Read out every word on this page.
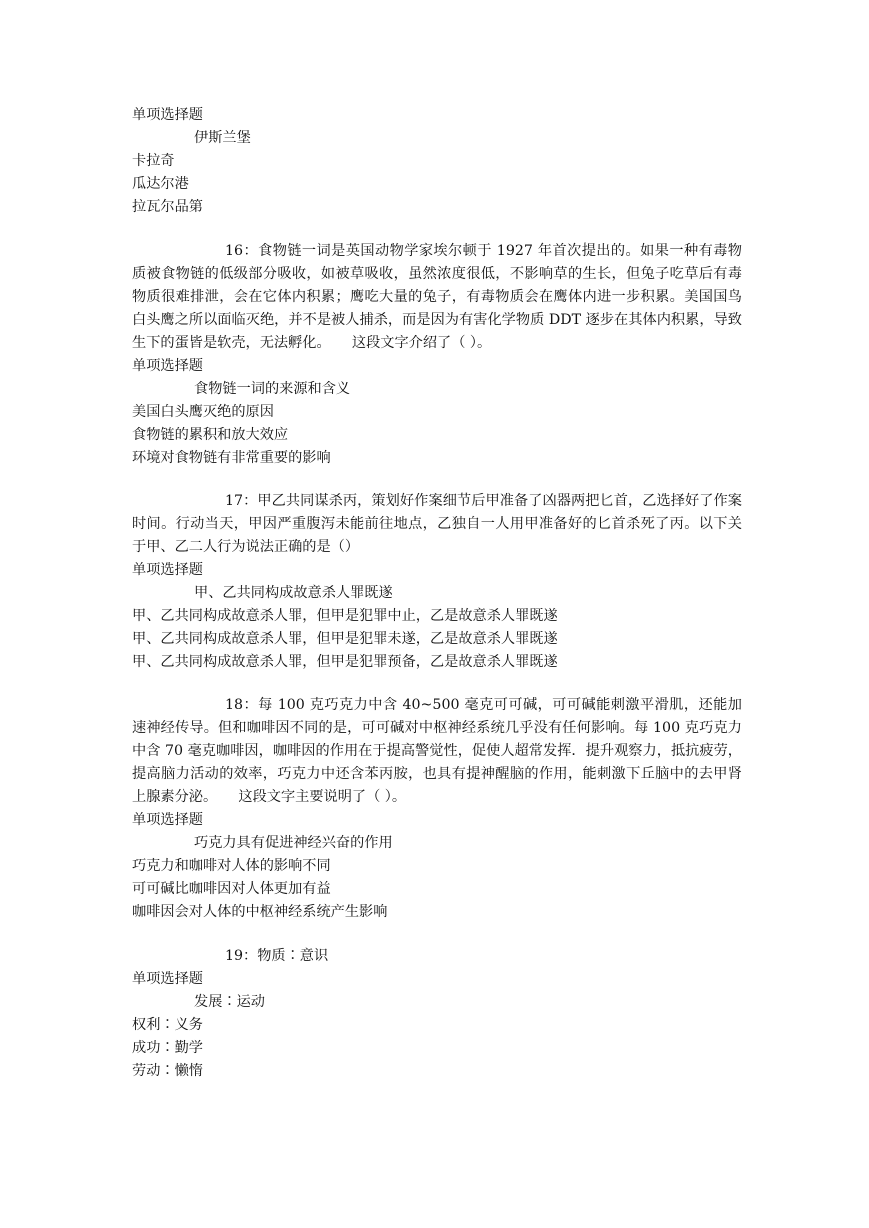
单项选择题
伊斯兰堡
卡拉奇
瓜达尔港
拉瓦尔品第
16：食物链一词是英国动物学家埃尔顿于 1927 年首次提出的。如果一种有毒物质被食物链的低级部分吸收，如被草吸收，虽然浓度很低，不影响草的生长，但兔子吃草后有毒物质很难排泄，会在它体内积累；鹰吃大量的兔子，有毒物质会在鹰体内进一步积累。美国国鸟白头鹰之所以面临灭绝，并不是被人捕杀，而是因为有害化学物质 DDT 逐步在其体内积累，导致生下的蛋皆是软壳，无法孵化。　　这段文字介绍了（ ）。
单项选择题
食物链一词的来源和含义
美国白头鹰灭绝的原因
食物链的累积和放大效应
环境对食物链有非常重要的影响
17：甲乙共同谋杀丙，策划好作案细节后甲准备了凶器两把匕首，乙选择好了作案时间。行动当天，甲因严重腹泻未能前往地点，乙独自一人用甲准备好的匕首杀死了丙。以下关于甲、乙二人行为说法正确的是（）
单项选择题
甲、乙共同构成故意杀人罪既遂
甲、乙共同构成故意杀人罪，但甲是犯罪中止，乙是故意杀人罪既遂
甲、乙共同构成故意杀人罪，但甲是犯罪未遂，乙是故意杀人罪既遂
甲、乙共同构成故意杀人罪，但甲是犯罪预备，乙是故意杀人罪既遂
18：每 100 克巧克力中含 40~500 毫克可可碱，可可碱能刺激平滑肌，还能加速神经传导。但和咖啡因不同的是，可可碱对中枢神经系统几乎没有任何影响。每 100 克巧克力中含 70 毫克咖啡因，咖啡因的作用在于提高警觉性，促使人超常发挥．提升观察力，抵抗疲劳，提高脑力活动的效率，巧克力中还含苯丙胺，也具有提神醒脑的作用，能刺激下丘脑中的去甲肾上腺素分泌。　　这段文字主要说明了（ ）。
单项选择题
巧克力具有促进神经兴奋的作用
巧克力和咖啡对人体的影响不同
可可碱比咖啡因对人体更加有益
咖啡因会对人体的中枢神经系统产生影响
19：物质∶意识
单项选择题
发展∶运动
权利∶义务
成功∶勤学
劳动∶懒惰
